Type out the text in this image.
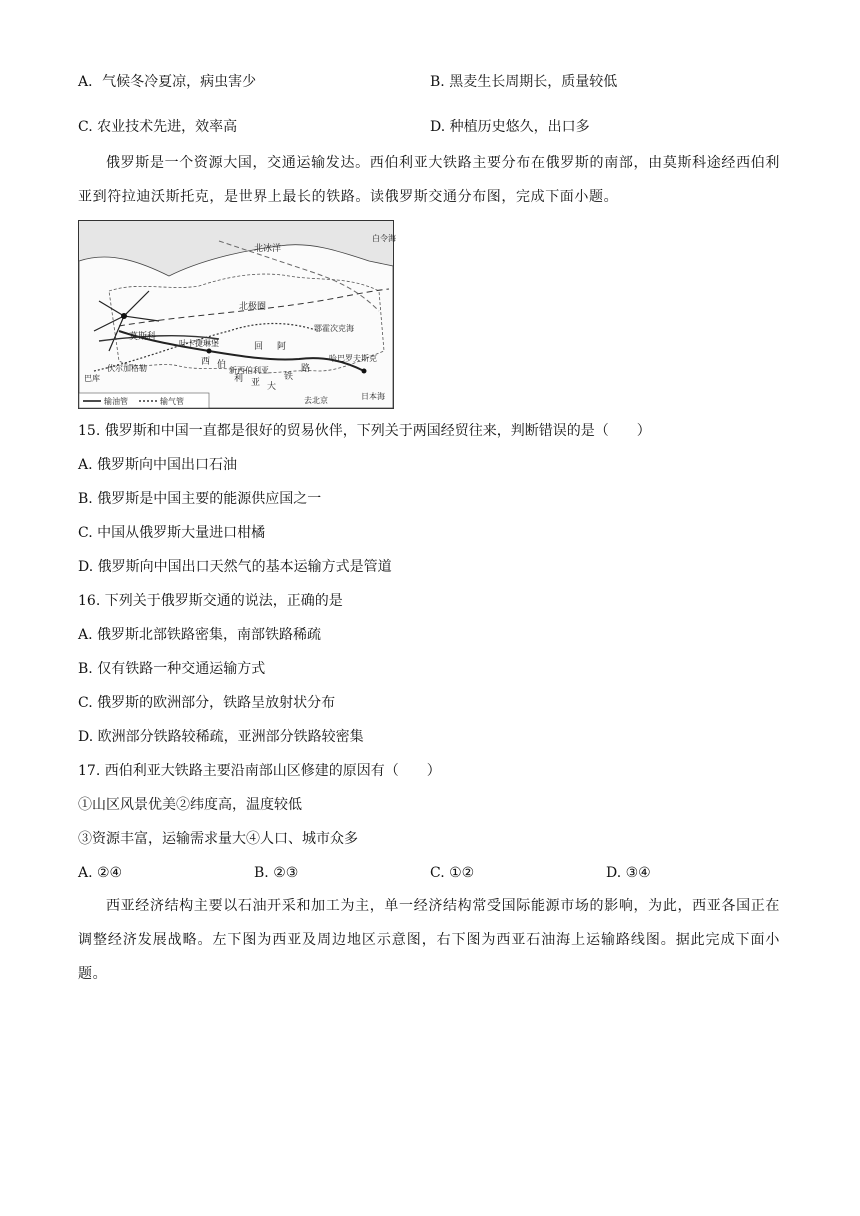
A．气候冬冷夏凉，病虫害少	B. 黑麦生长周期长，质量较低
C. 农业技术先进，效率高	D. 种植历史悠久，出口多
俄罗斯是一个资源大国，交通运输发达。西伯利亚大铁路主要分布在俄罗斯的南部，由莫斯科途经西伯利亚到符拉迪沃斯托克，是世界上最长的铁路。读俄罗斯交通分布图，完成下面小题。
北冰洋
北极圈
白令海
莫斯科
伏尔加格勒
叶卡捷琳堡
新西伯利亚
鄂霍次克海
哈巴罗夫斯克
去北京	日本海
巴库
西 伯
利 亚 大
铁
路
回 阿
输油管	输气管
15. 俄罗斯和中国一直都是很好的贸易伙伴，下列关于两国经贸往来，判断错误的是（　　）
A. 俄罗斯向中国出口石油
B. 俄罗斯是中国主要的能源供应国之一
C. 中国从俄罗斯大量进口柑橘
D. 俄罗斯向中国出口天然气的基本运输方式是管道
16. 下列关于俄罗斯交通的说法，正确的是
A. 俄罗斯北部铁路密集，南部铁路稀疏
B. 仅有铁路一种交通运输方式
C. 俄罗斯的欧洲部分，铁路呈放射状分布
D. 欧洲部分铁路较稀疏，亚洲部分铁路较密集
17. 西伯利亚大铁路主要沿南部山区修建的原因有（　　）
①山区风景优美②纬度高，温度较低
③资源丰富，运输需求量大④人口、城市众多
A. ②④	B. ②③	C. ①②	D. ③④
西亚经济结构主要以石油开采和加工为主，单一经济结构常受国际能源市场的影响，为此，西亚各国正在调整经济发展战略。左下图为西亚及周边地区示意图，右下图为西亚石油海上运输路线图。据此完成下面小题。
